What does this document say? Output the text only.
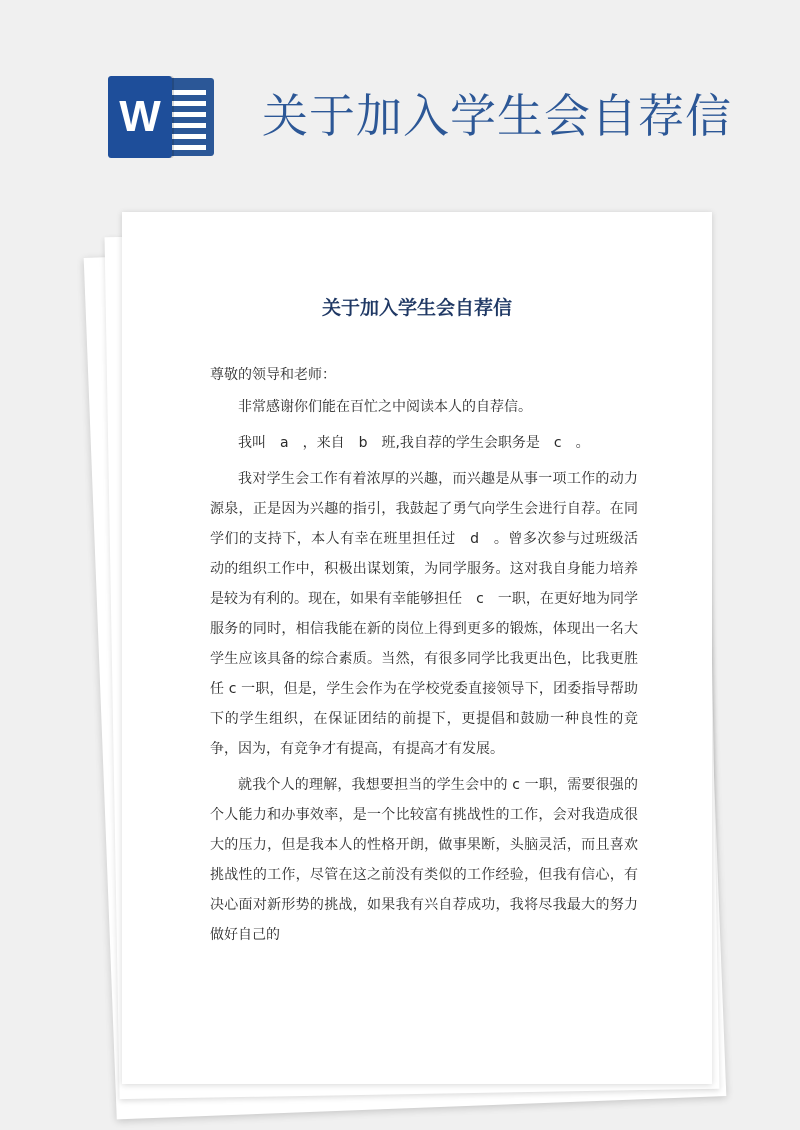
W 关于加入学生会自荐信
关于加入学生会自荐信

尊敬的领导和老师：

非常感谢你们能在百忙之中阅读本人的自荐信。

我叫　a　，来自　b　班,我自荐的学生会职务是　c　。

我对学生会工作有着浓厚的兴趣，而兴趣是从事一项工作的动力源泉，正是因为兴趣的指引，我鼓起了勇气向学生会进行自荐。在同学们的支持下，本人有幸在班里担任过　d　。曾多次参与过班级活动的组织工作中，积极出谋划策，为同学服务。这对我自身能力培养是较为有利的。现在，如果有幸能够担任　c　一职，在更好地为同学服务的同时，相信我能在新的岗位上得到更多的锻炼，体现出一名大学生应该具备的综合素质。当然，有很多同学比我更出色，比我更胜任 c 一职，但是，学生会作为在学校党委直接领导下，团委指导帮助下的学生组织，在保证团结的前提下，更提倡和鼓励一种良性的竞争，因为，有竞争才有提高，有提高才有发展。

就我个人的理解，我想要担当的学生会中的 c 一职，需要很强的个人能力和办事效率，是一个比较富有挑战性的工作，会对我造成很大的压力，但是我本人的性格开朗，做事果断，头脑灵活，而且喜欢挑战性的工作，尽管在这之前没有类似的工作经验，但我有信心，有决心面对新形势的挑战，如果我有兴自荐成功，我将尽我最大的努力做好自己的
